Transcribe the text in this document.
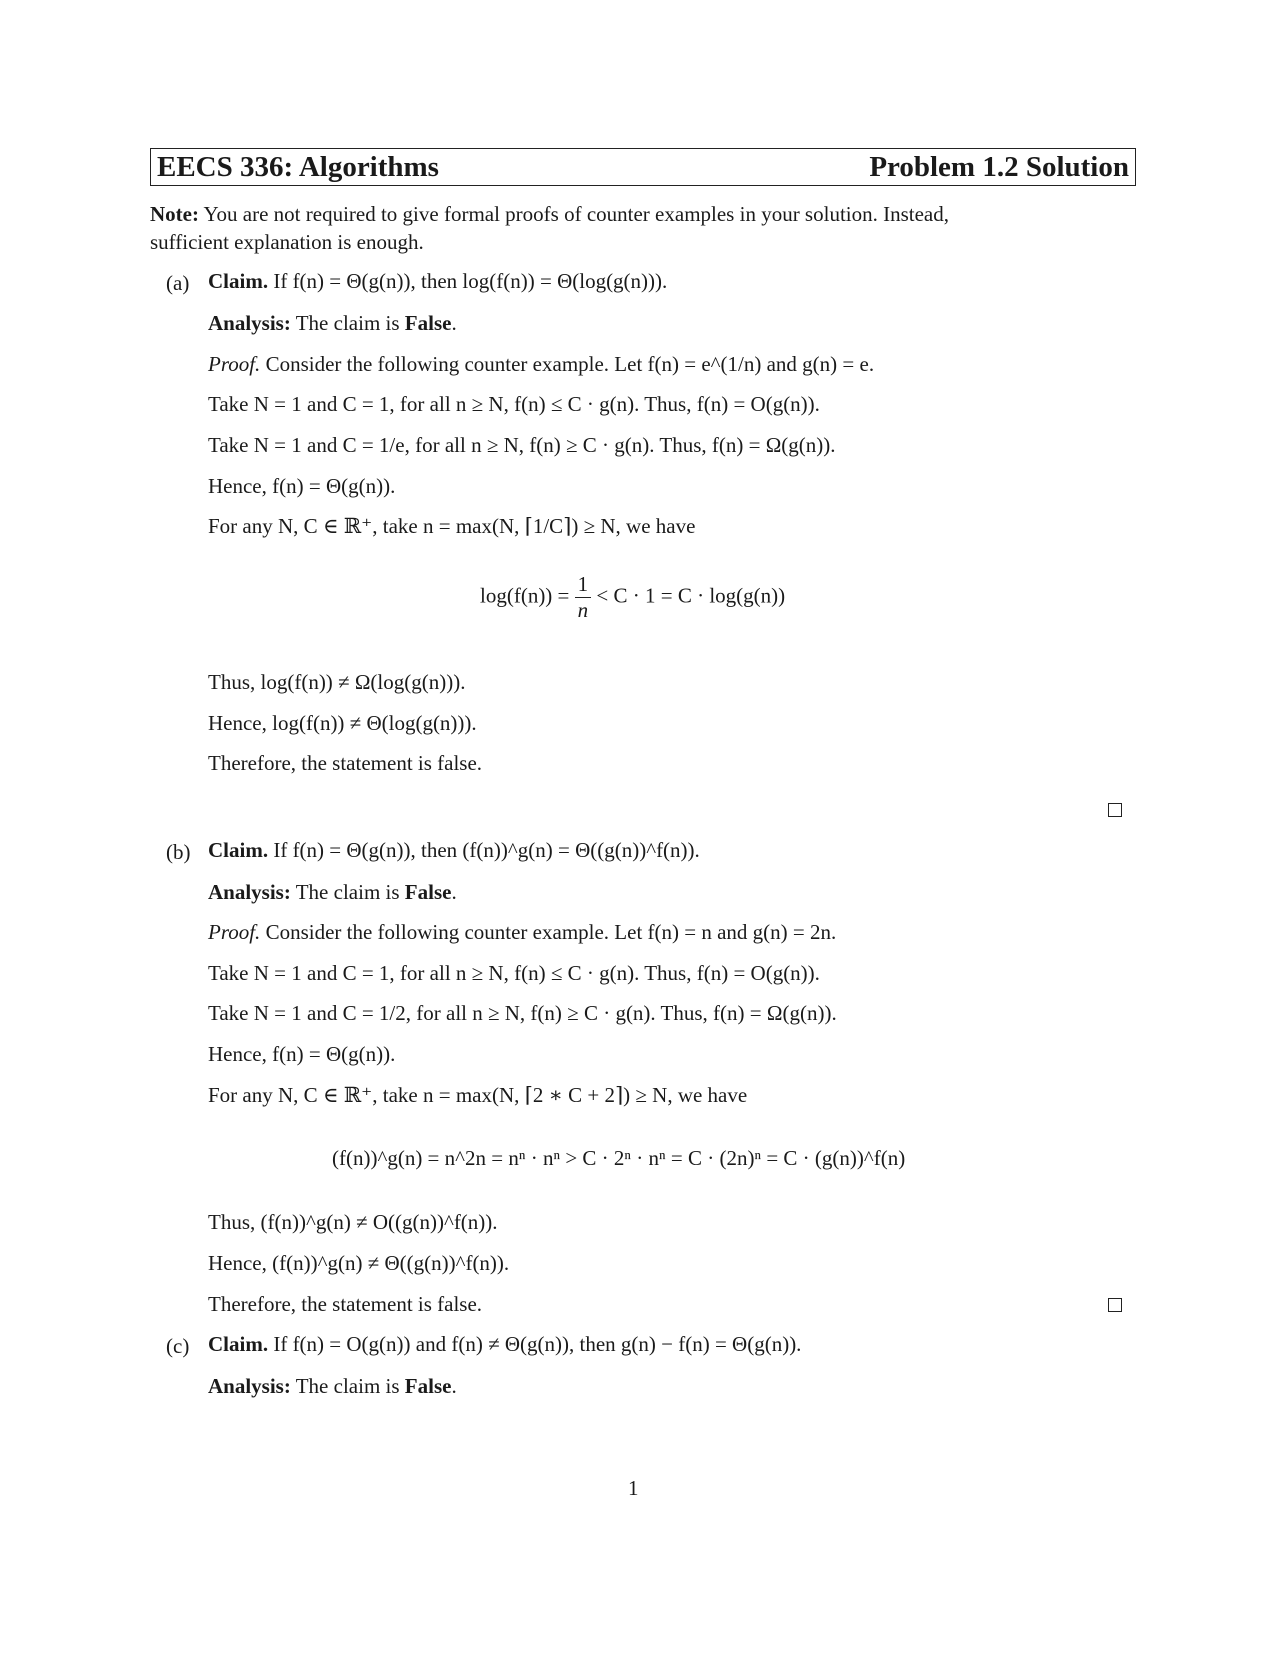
EECS 336: Algorithms	Problem 1.2 Solution
Note: You are not required to give formal proofs of counter examples in your solution. Instead,
sufficient explanation is enough.
(a) Claim. If f(n) = Θ(g(n)), then log(f(n)) = Θ(log(g(n))).
Analysis: The claim is False.
Proof. Consider the following counter example. Let f(n) = e^(1/n) and g(n) = e.
Take N = 1 and C = 1, for all n ≥ N, f(n) ≤ C · g(n). Thus, f(n) = O(g(n)).
Take N = 1 and C = 1/e, for all n ≥ N, f(n) ≥ C · g(n). Thus, f(n) = Ω(g(n)).
Hence, f(n) = Θ(g(n)).
For any N, C ∈ ℝ⁺, take n = max(N, ⌈1/C⌉) ≥ N, we have
$\log(f(n)) = \frac{1}{n} < C \cdot 1 = C \cdot \log(g(n))$
Thus, log(f(n)) ≠ Ω(log(g(n))).
Hence, log(f(n)) ≠ Θ(log(g(n))).
Therefore, the statement is false.
(b) Claim. If f(n) = Θ(g(n)), then (f(n))^g(n) = Θ((g(n))^f(n)).
Analysis: The claim is False.
Proof. Consider the following counter example. Let f(n) = n and g(n) = 2n.
Take N = 1 and C = 1, for all n ≥ N, f(n) ≤ C · g(n). Thus, f(n) = O(g(n)).
Take N = 1 and C = 1/2, for all n ≥ N, f(n) ≥ C · g(n). Thus, f(n) = Ω(g(n)).
Hence, f(n) = Θ(g(n)).
For any N, C ∈ ℝ⁺, take n = max(N, ⌈2 ∗ C + 2⌉) ≥ N, we have
(f(n))^g(n) = n^2n = nⁿ · nⁿ > C · 2ⁿ · nⁿ = C · (2n)ⁿ = C · (g(n))^f(n)
Thus, (f(n))^g(n) ≠ O((g(n))^f(n)).
Hence, (f(n))^g(n) ≠ Θ((g(n))^f(n)).
Therefore, the statement is false.
(c) Claim. If f(n) = O(g(n)) and f(n) ≠ Θ(g(n)), then g(n) − f(n) = Θ(g(n)).
Analysis: The claim is False.
1
